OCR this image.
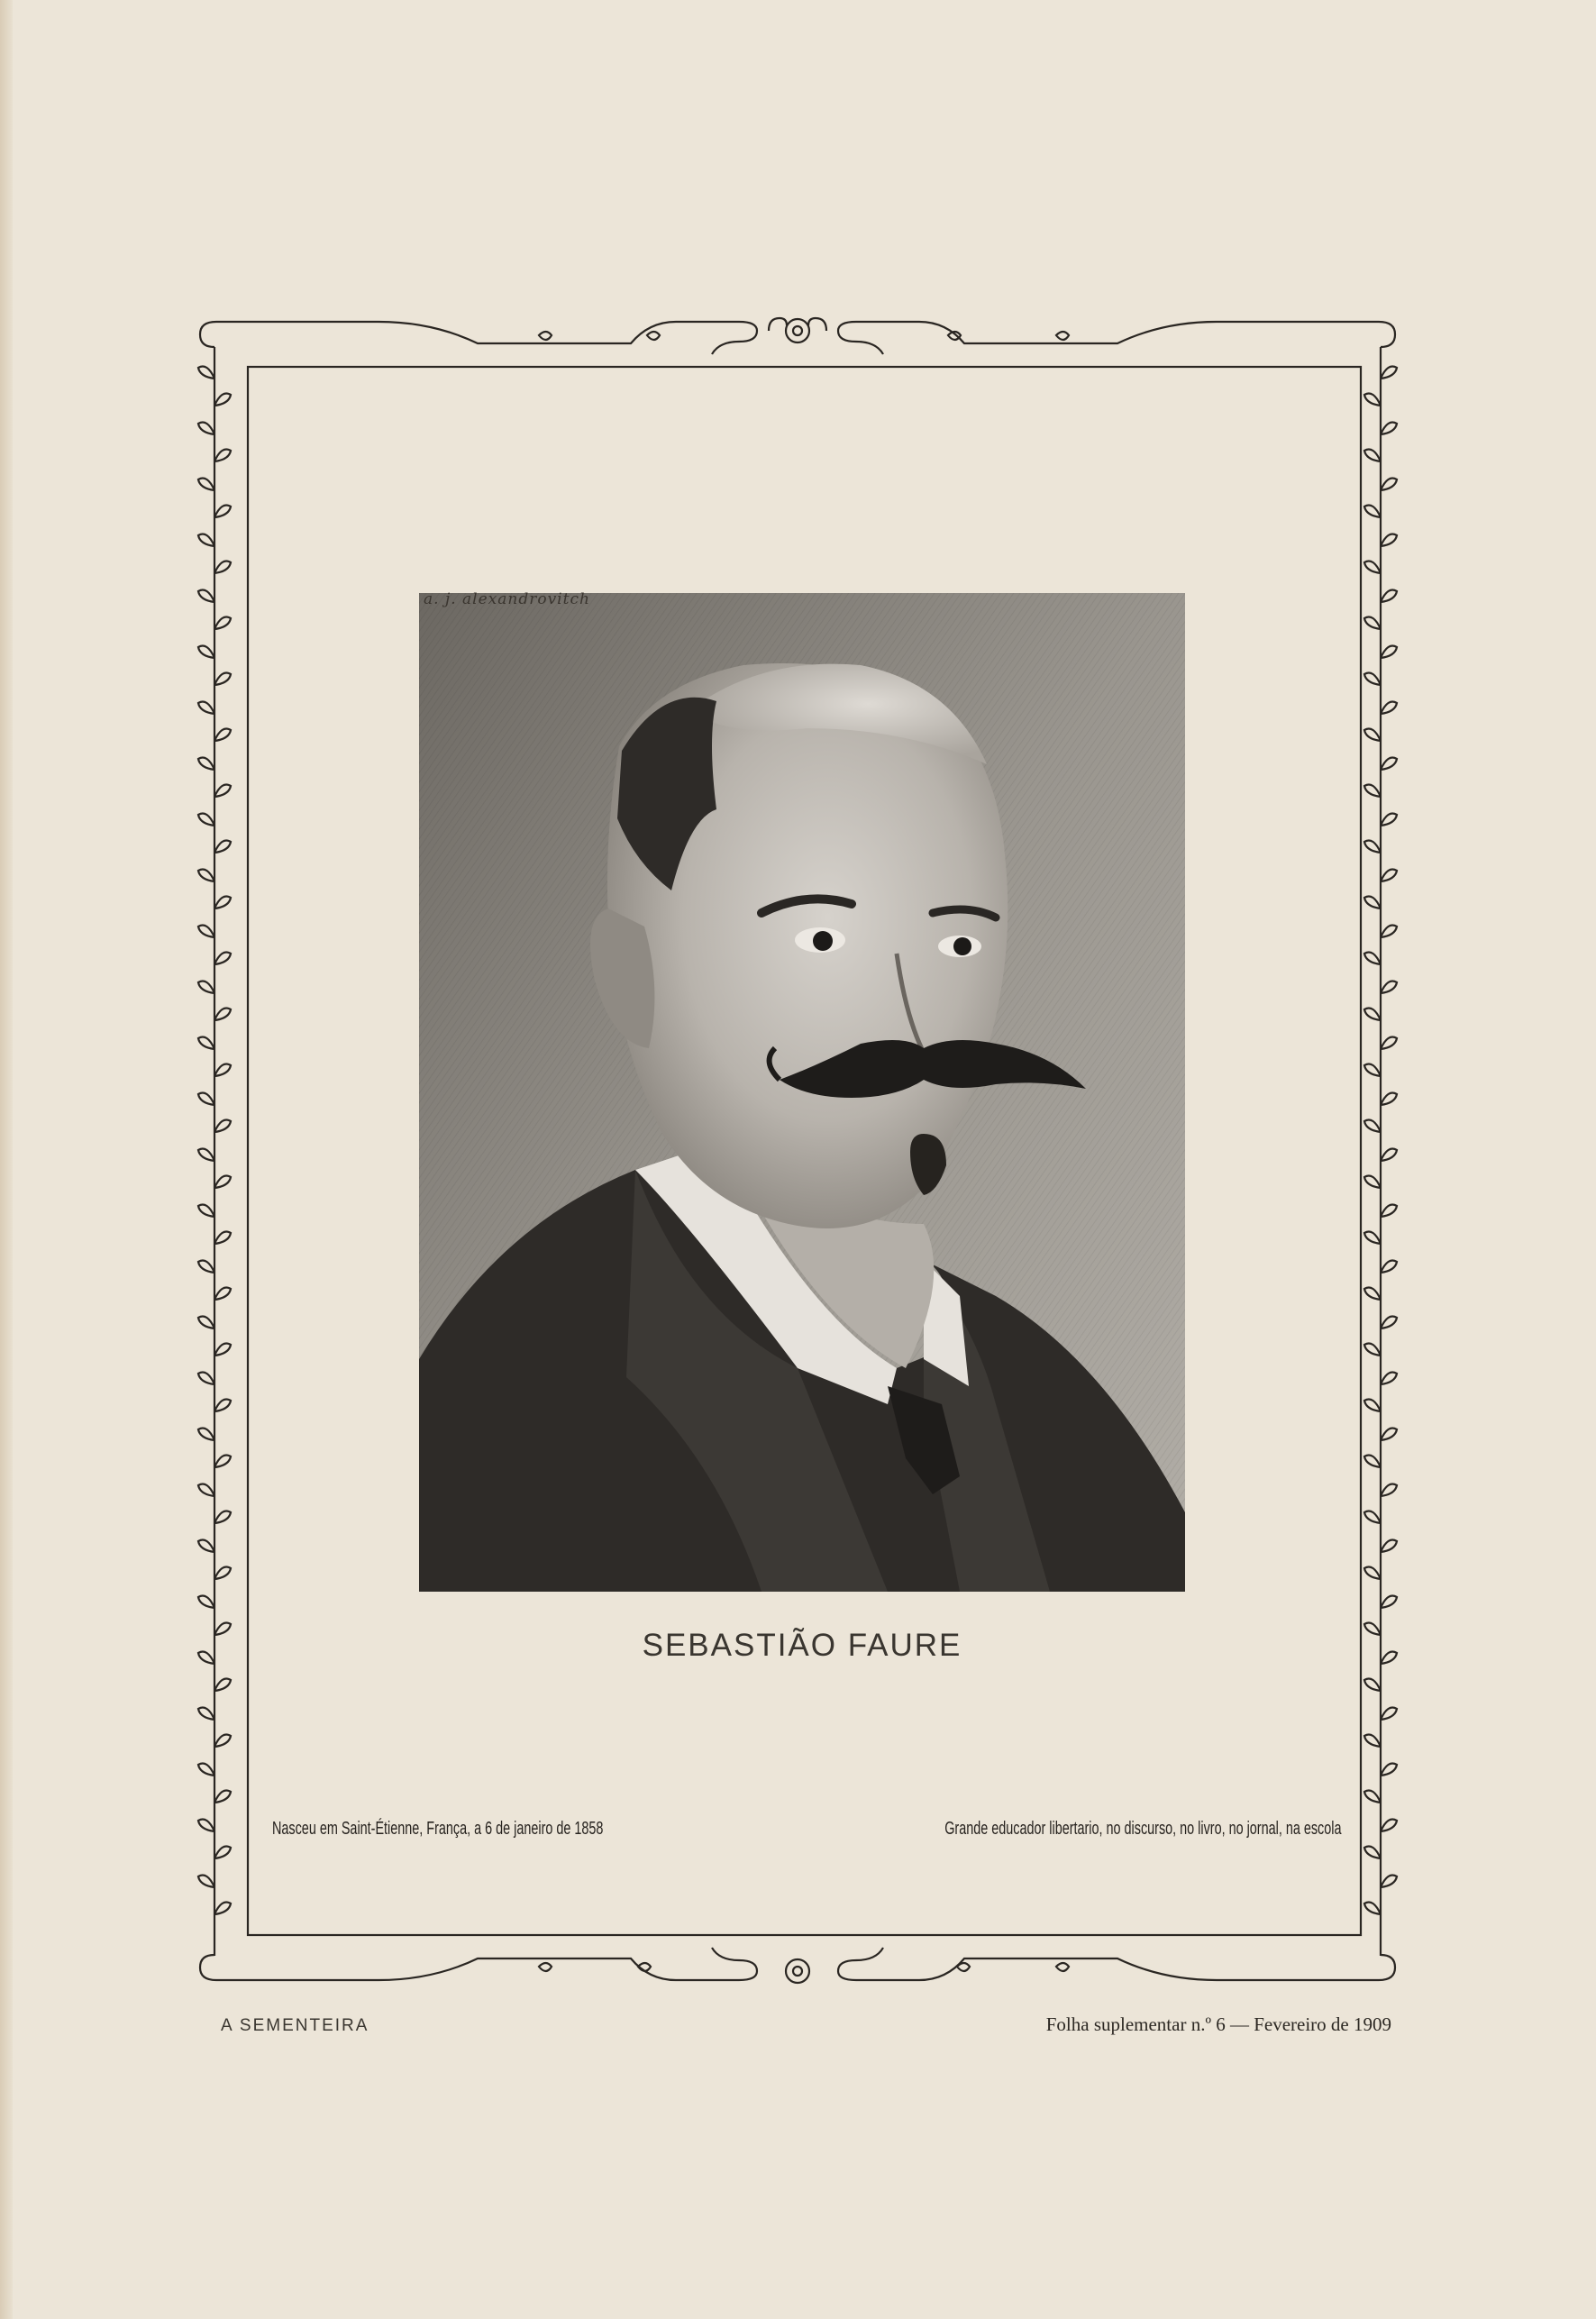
a. j. alexandrovitch
SEBASTIÃO FAURE
Nasceu em Saint-Étienne, França, a 6 de janeiro de 1858	Grande educador libertario, no discurso, no livro, no jornal, na escola
A SEMENTEIRA	Folha suplementar n.º 6 — Fevereiro de 1909
